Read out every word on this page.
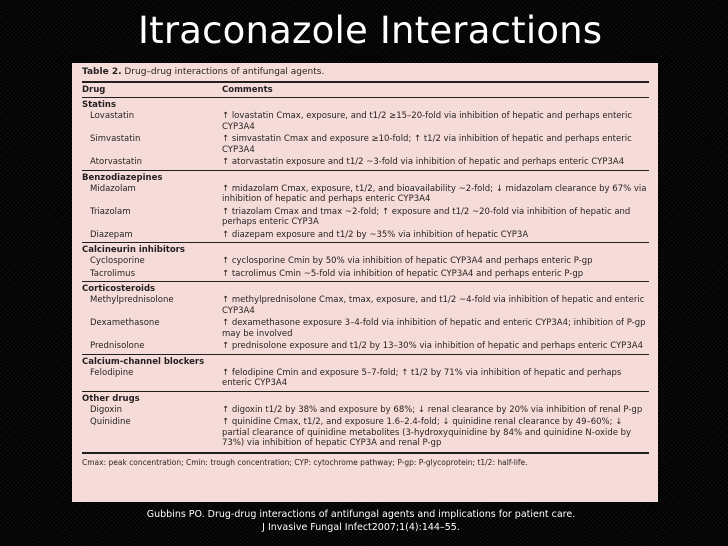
Itraconazole Interactions
Table 2. Drug–drug interactions of antifungal agents.
Drug	Comments
Statins
Lovastatin	↑ lovastatin Cmax, exposure, and t1/2 ≥15–20-fold via inhibition of hepatic and perhaps enteric CYP3A4
Simvastatin	↑ simvastatin Cmax and exposure ≥10-fold; ↑ t1/2 via inhibition of hepatic and perhaps enteric CYP3A4
Atorvastatin	↑ atorvastatin exposure and t1/2 ~3-fold via inhibition of hepatic and perhaps enteric CYP3A4
Benzodiazepines
Midazolam	↑ midazolam Cmax, exposure, t1/2, and bioavailability ~2-fold; ↓ midazolam clearance by 67% via inhibition of hepatic and perhaps enteric CYP3A4
Triazolam	↑ triazolam Cmax and tmax ~2-fold; ↑ exposure and t1/2 ~20-fold via inhibition of hepatic and perhaps enteric CYP3A
Diazepam	↑ diazepam exposure and t1/2 by ~35% via inhibition of hepatic CYP3A
Calcineurin inhibitors
Cyclosporine	↑ cyclosporine Cmin by 50% via inhibition of hepatic CYP3A4 and perhaps enteric P-gp
Tacrolimus	↑ tacrolimus Cmin ~5-fold via inhibition of hepatic CYP3A4 and perhaps enteric P-gp
Corticosteroids
Methylprednisolone	↑ methylprednisolone Cmax, tmax, exposure, and t1/2 ~4-fold via inhibition of hepatic and enteric CYP3A4
Dexamethasone	↑ dexamethasone exposure 3–4-fold via inhibition of hepatic and enteric CYP3A4; inhibition of P-gp may be involved
Prednisolone	↑ prednisolone exposure and t1/2 by 13–30% via inhibition of hepatic and perhaps enteric CYP3A4
Calcium-channel blockers
Felodipine	↑ felodipine Cmin and exposure 5–7-fold; ↑ t1/2 by 71% via inhibition of hepatic and perhaps enteric CYP3A4
Other drugs
Digoxin	↑ digoxin t1/2 by 38% and exposure by 68%; ↓ renal clearance by 20% via inhibition of renal P-gp
Quinidine	↑ quinidine Cmax, t1/2, and exposure 1.6–2.4-fold; ↓ quinidine renal clearance by 49–60%; ↓ partial clearance of quinidine metabolites (3-hydroxyquinidine by 84% and quinidine N-oxide by 73%) via inhibition of hepatic CYP3A and renal P-gp
Cmax: peak concentration; Cmin: trough concentration; CYP: cytochrome pathway; P-gp: P-glycoprotein; t1/2: half-life.
Gubbins PO. Drug-drug interactions of antifungal agents and implications for patient care.
J Invasive Fungal Infect2007;1(4):144–55.
